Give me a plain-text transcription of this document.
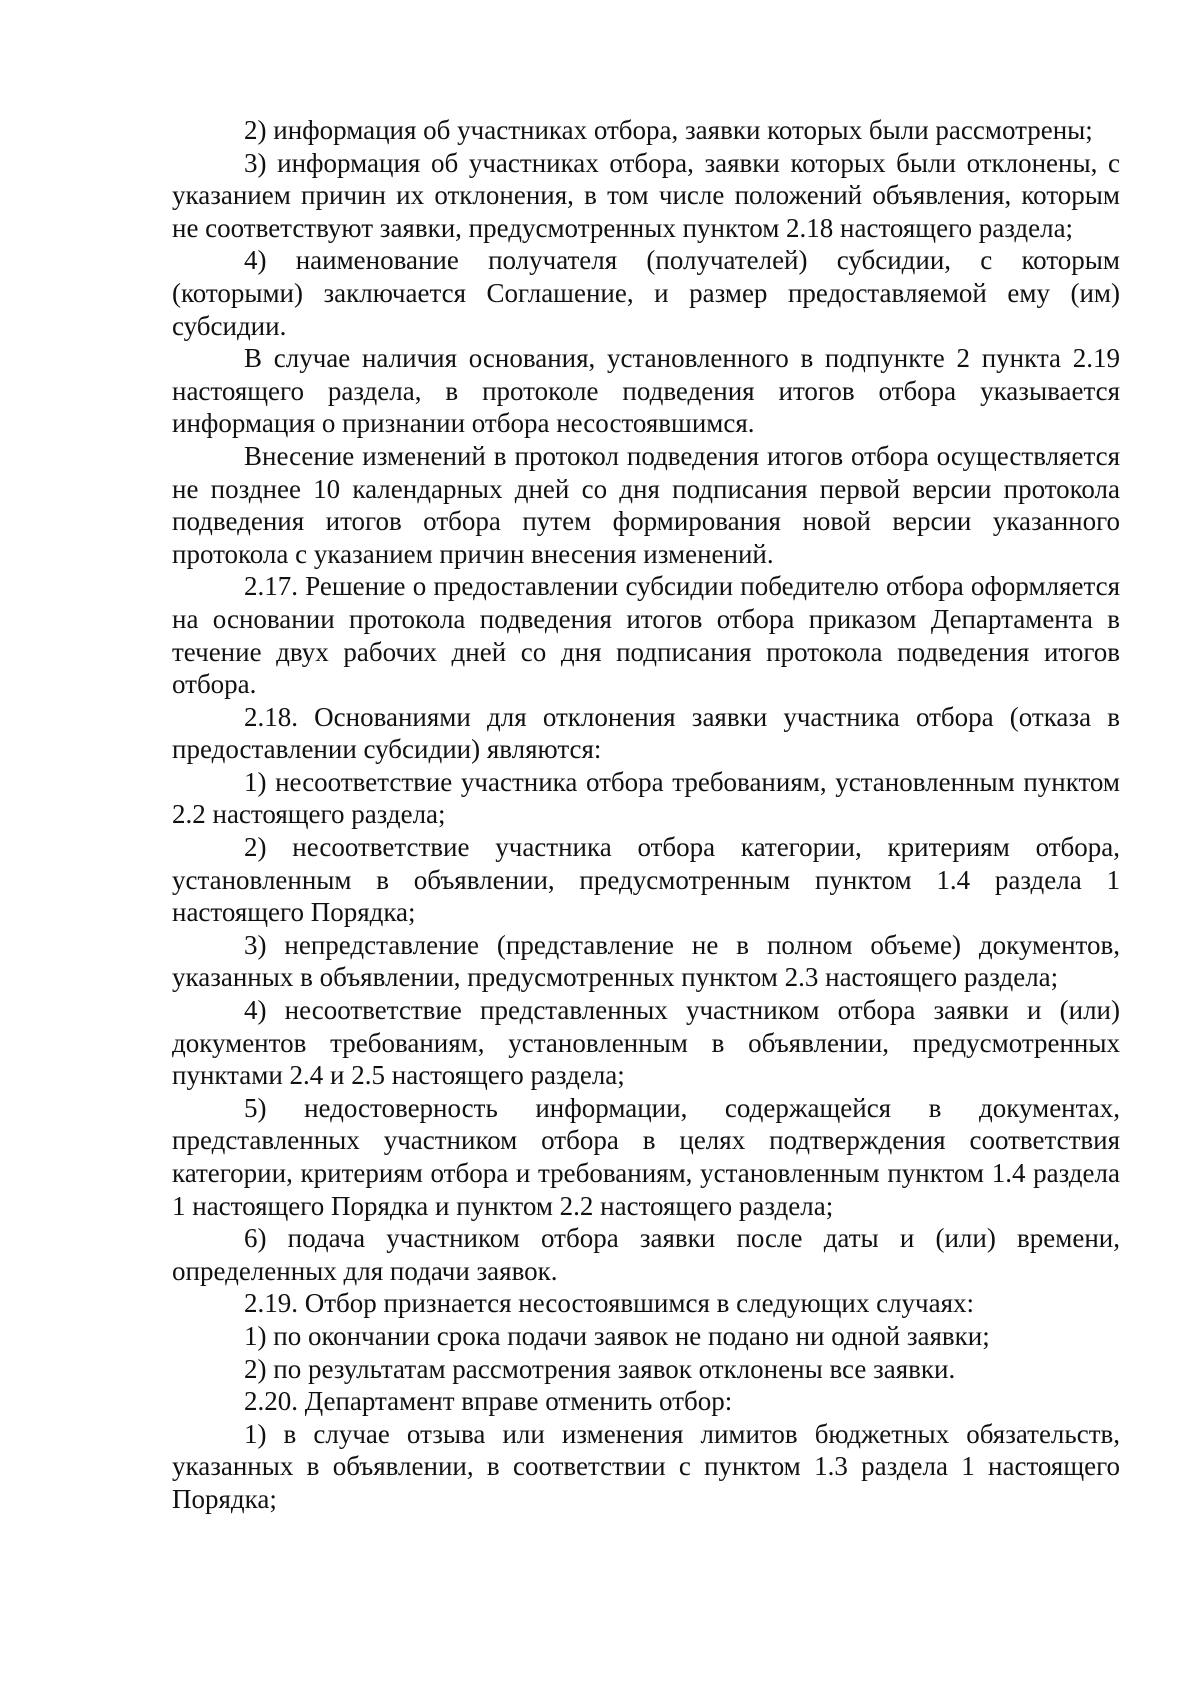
2) информация об участниках отбора, заявки которых были рассмотрены;

3) информация об участниках отбора, заявки которых были отклонены, с указанием причин их отклонения, в том числе положений объявления, которым не соответствуют заявки, предусмотренных пунктом 2.18 настоящего раздела;

4) наименование получателя (получателей) субсидии, с которым (которыми) заключается Соглашение, и размер предоставляемой ему (им) субсидии.

В случае наличия основания, установленного в подпункте 2 пункта 2.19 настоящего раздела, в протоколе подведения итогов отбора указывается информация о признании отбора несостоявшимся.

Внесение изменений в протокол подведения итогов отбора осуществляется не позднее 10 календарных дней со дня подписания первой версии протокола подведения итогов отбора путем формирования новой версии указанного протокола с указанием причин внесения изменений.

2.17. Решение о предоставлении субсидии победителю отбора оформляется на основании протокола подведения итогов отбора приказом Департамента в течение двух рабочих дней со дня подписания протокола подведения итогов отбора.

2.18. Основаниями для отклонения заявки участника отбора (отказа в предоставлении субсидии) являются:

1) несоответствие участника отбора требованиям, установленным пунктом 2.2 настоящего раздела;

2) несоответствие участника отбора категории, критериям отбора, установленным в объявлении, предусмотренным пунктом 1.4 раздела 1 настоящего Порядка;

3) непредставление (представление не в полном объеме) документов, указанных в объявлении, предусмотренных пунктом 2.3 настоящего раздела;

4) несоответствие представленных участником отбора заявки и (или) документов требованиям, установленным в объявлении, предусмотренных пунктами 2.4 и 2.5 настоящего раздела;

5) недостоверность информации, содержащейся в документах, представленных участником отбора в целях подтверждения соответствия категории, критериям отбора и требованиям, установленным пунктом 1.4 раздела 1 настоящего Порядка и пунктом 2.2 настоящего раздела;

6) подача участником отбора заявки после даты и (или) времени, определенных для подачи заявок.

2.19. Отбор признается несостоявшимся в следующих случаях:

1) по окончании срока подачи заявок не подано ни одной заявки;

2) по результатам рассмотрения заявок отклонены все заявки.

2.20. Департамент вправе отменить отбор:

1) в случае отзыва или изменения лимитов бюджетных обязательств, указанных в объявлении, в соответствии с пунктом 1.3 раздела 1 настоящего Порядка;
